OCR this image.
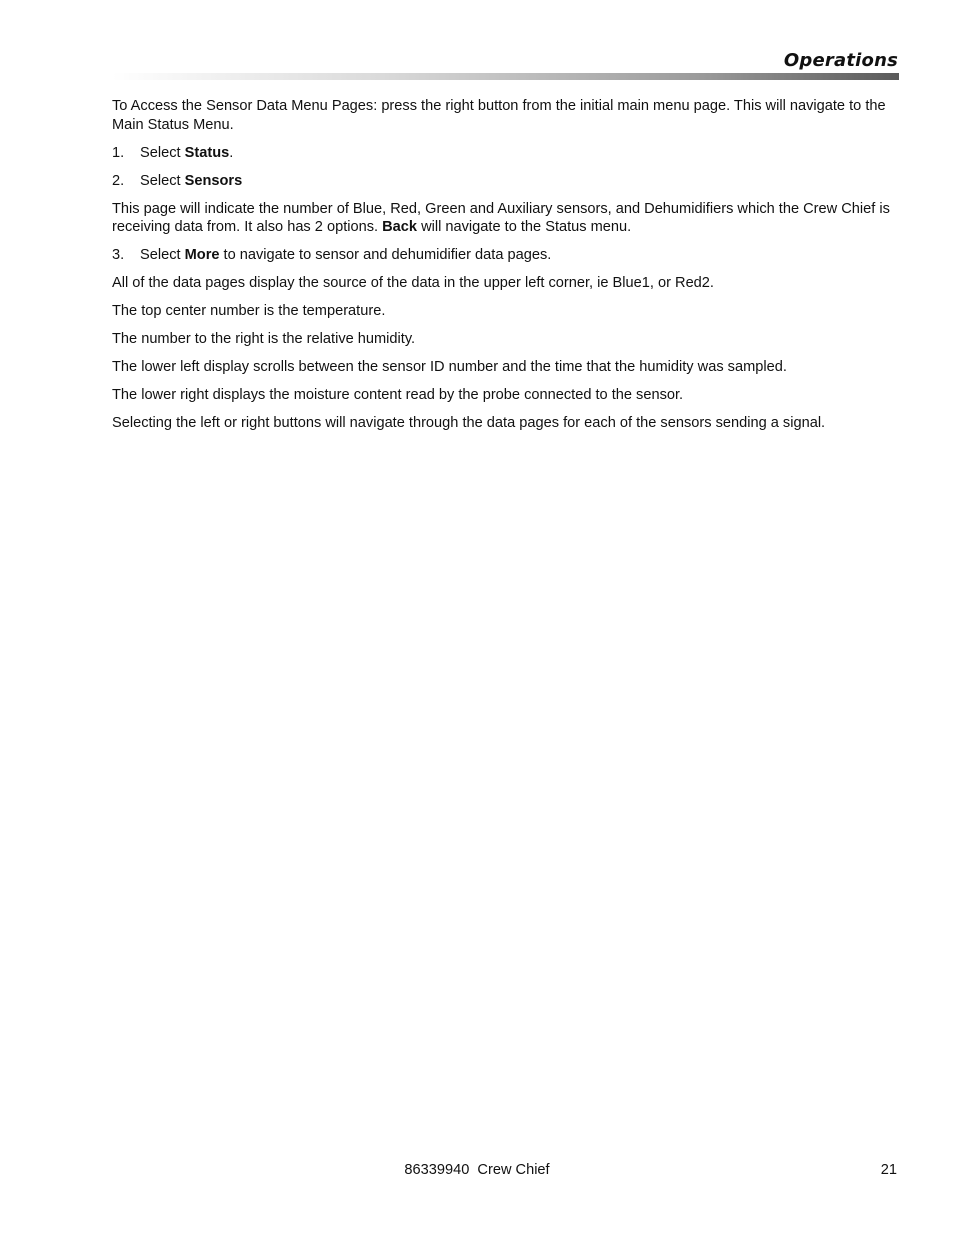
Operations

To Access the Sensor Data Menu Pages: press the right button from the initial main menu page. This will navigate to the Main Status Menu.

1.	Select Status.
2.	Select Sensors

This page will indicate the number of Blue, Red, Green and Auxiliary sensors, and Dehumidifiers which the Crew Chief is receiving data from. It also has 2 options. Back will navigate to the Status menu.

3.	Select More to navigate to sensor and dehumidifier data pages.

All of the data pages display the source of the data in the upper left corner, ie Blue1, or Red2.

The top center number is the temperature.

The number to the right is the relative humidity.

The lower left display scrolls between the sensor ID number and the time that the humidity was sampled.

The lower right displays the moisture content read by the probe connected to the sensor.

Selecting the left or right buttons will navigate through the data pages for each of the sensors sending a signal.

86339940  Crew Chief	21
